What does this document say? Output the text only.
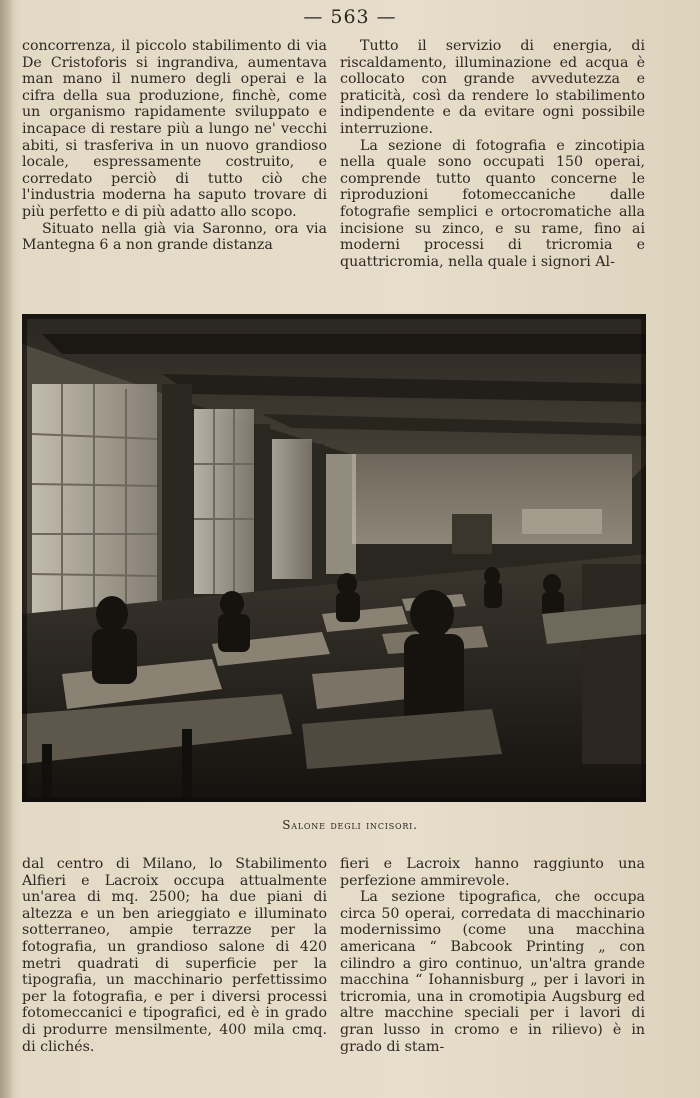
— 563 —

concorrenza, il piccolo stabilimento di via De Cristoforis si ingrandiva, aumentava man mano il numero degli operai e la cifra della sua produzione, finchè, come un organismo rapidamente sviluppato e incapace di restare più a lungo ne' vecchi abiti, si trasferiva in un nuovo grandioso locale, espressamente costruito, e corredato perciò di tutto ciò che l'industria moderna ha saputo trovare di più perfetto e di più adatto allo scopo.

Situato nella già via Saronno, ora via Mantegna 6 a non grande distanza

Tutto il servizio di energia, di riscaldamento, illuminazione ed acqua è collocato con grande avvedutezza e praticità, così da rendere lo stabilimento indipendente e da evitare ogni possibile interruzione.

La sezione di fotografia e zincotipia nella quale sono occupati 150 operai, comprende tutto quanto concerne le riproduzioni fotomeccaniche dalle fotografie semplici e ortocromatiche alla incisione su zinco, e su rame, fino ai moderni processi di tricromia e quattricromia, nella quale i signori Al-

Salone degli incisori.

dal centro di Milano, lo Stabilimento Alfieri e Lacroix occupa attualmente un'area di mq. 2500; ha due piani di altezza e un ben arieggiato e illuminato sotterraneo, ampie terrazze per la fotografia, un grandioso salone di 420 metri quadrati di superficie per la tipografia, un macchinario perfettissimo per la fotografia, e per i diversi processi fotomeccanici e tipografici, ed è in grado di produrre mensilmente, 400 mila cmq. di clichés.

fieri e Lacroix hanno raggiunto una perfezione ammirevole.

La sezione tipografica, che occupa circa 50 operai, corredata di macchinario modernissimo (come una macchina americana “ Babcook Printing „ con cilindro a giro continuo, un'altra grande macchina “ Iohannisburg „ per i lavori in tricromia, una in cromotipia Augsburg ed altre macchine speciali per i lavori di gran lusso in cromo e in rilievo) è in grado di stam-
